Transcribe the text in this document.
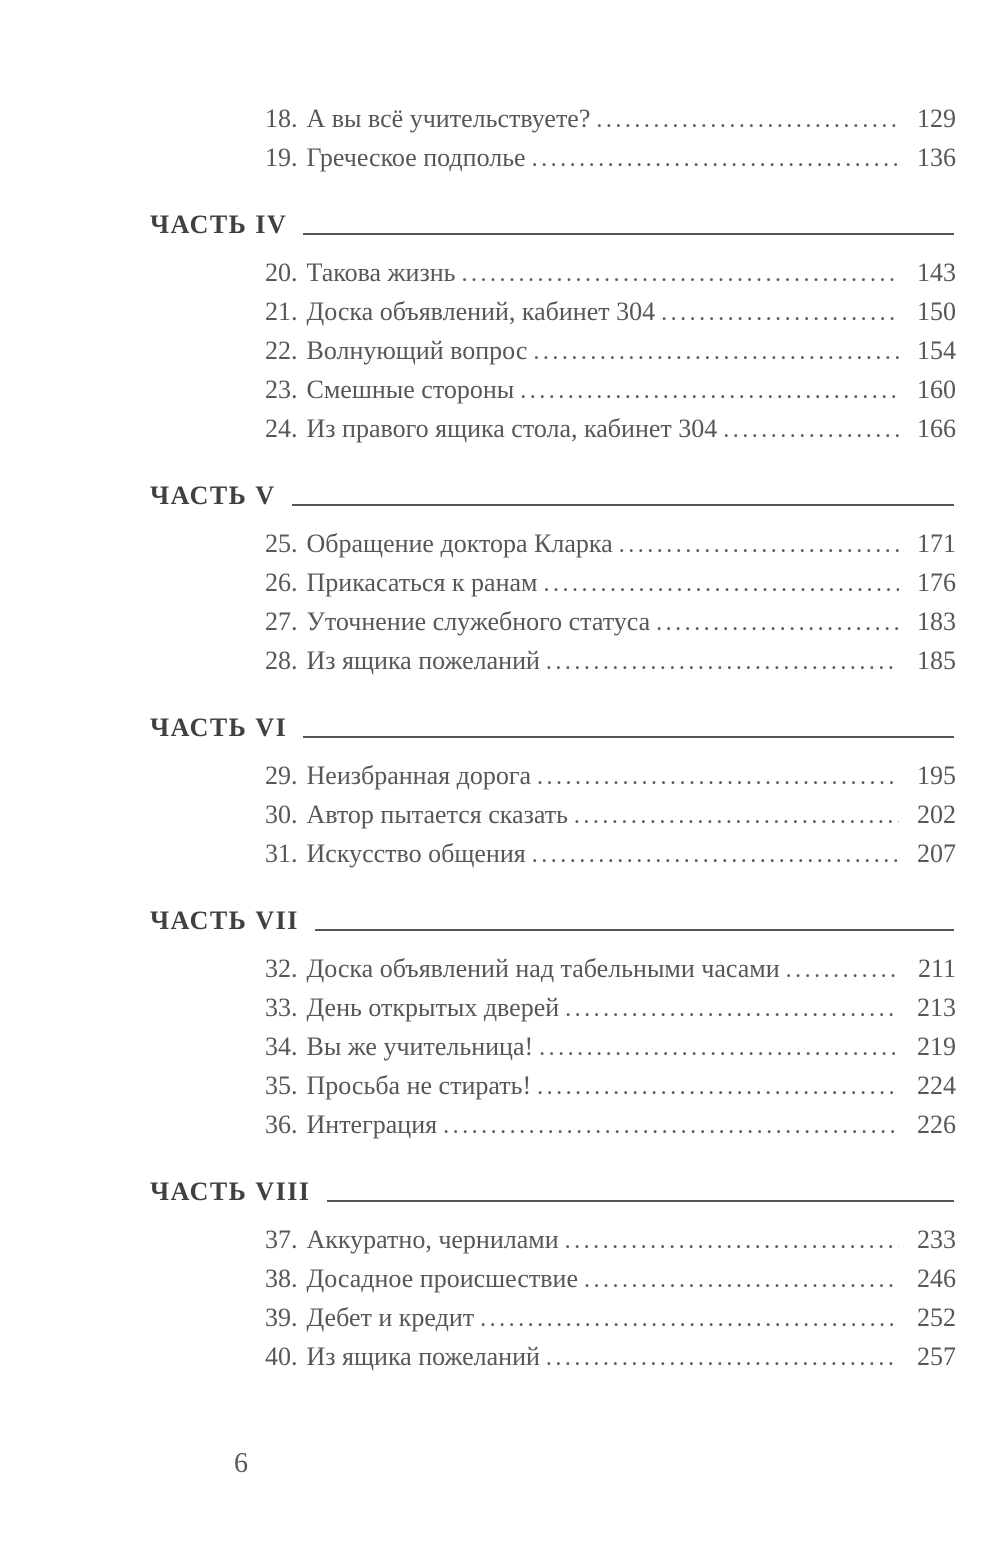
18. А вы всё учительствуете? .....	129
19. Греческое подполье .....	136
ЧАСТЬ IV
20. Такова жизнь .....	143
21. Доска объявлений, кабинет 304 .....	150
22. Волнующий вопрос .....	154
23. Смешные стороны .....	160
24. Из правого ящика стола, кабинет 304 .....	166
ЧАСТЬ V
25. Обращение доктора Кларка .....	171
26. Прикасаться к ранам .....	176
27. Уточнение служебного статуса .....	183
28. Из ящика пожеланий .....	185
ЧАСТЬ VI
29. Неизбранная дорога .....	195
30. Автор пытается сказать .....	202
31. Искусство общения .....	207
ЧАСТЬ VII
32. Доска объявлений над табельными часами .....	211
33. День открытых дверей .....	213
34. Вы же учительница! .....	219
35. Просьба не стирать! .....	224
36. Интеграция .....	226
ЧАСТЬ VIII
37. Аккуратно, чернилами .....	233
38. Досадное происшествие .....	246
39. Дебет и кредит .....	252
40. Из ящика пожеланий .....	257
6
